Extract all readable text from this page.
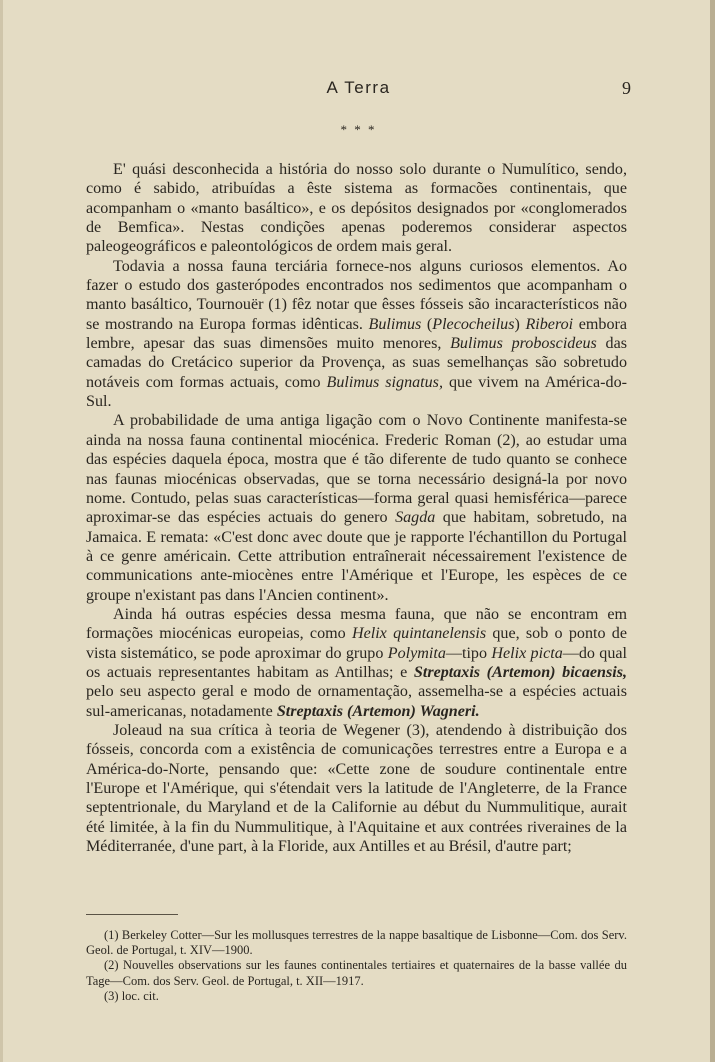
A Terra	9
* * *

E' quási desconhecida a história do nosso solo durante o Numulítico, sendo, como é sabido, atribuídas a êste sistema as formacões continentais, que acompanham o «manto basáltico», e os depósitos designados por «conglomerados de Bemfica». Nestas condições apenas poderemos considerar aspectos paleogeográficos e paleontológicos de ordem mais geral.

Todavia a nossa fauna terciária fornece-nos alguns curiosos elementos. Ao fazer o estudo dos gasterópodes encontrados nos sedimentos que acompanham o manto basáltico, Tournouër (1) fêz notar que êsses fósseis são incaracterísticos não se mostrando na Europa formas idênticas. Bulimus (Plecocheilus) Riberoi embora lembre, apesar das suas dimensões muito menores, Bulimus proboscideus das camadas do Cretácico superior da Provença, as suas semelhanças são sobretudo notáveis com formas actuais, como Bulimus signatus, que vivem na América-do-Sul.

A probabilidade de uma antiga ligação com o Novo Continente manifesta-se ainda na nossa fauna continental miocénica. Frederic Roman (2), ao estudar uma das espécies daquela época, mostra que é tão diferente de tudo quanto se conhece nas faunas miocénicas observadas, que se torna necessário designá-la por novo nome. Contudo, pelas suas características—forma geral quasi hemisférica—parece aproximar-se das espécies actuais do genero Sagda que habitam, sobretudo, na Jamaica. E remata: «C'est donc avec doute que je rapporte l'échantillon du Portugal à ce genre américain. Cette attribution entraînerait nécessairement l'existence de communications ante-miocènes entre l'Amérique et l'Europe, les espèces de ce groupe n'existant pas dans l'Ancien continent».

Ainda há outras espécies dessa mesma fauna, que não se encontram em formações miocénicas europeias, como Helix quintanelensis que, sob o ponto de vista sistemático, se pode aproximar do grupo Polymita—tipo Helix picta—do qual os actuais representantes habitam as Antilhas; e Streptaxis (Artemon) bicaensis, pelo seu aspecto geral e modo de ornamentação, assemelha-se a espécies actuais sul-americanas, notadamente Streptaxis (Artemon) Wagneri.

Joleaud na sua crítica à teoria de Wegener (3), atendendo à distribuição dos fósseis, concorda com a existência de comunicações terrestres entre a Europa e a América-do-Norte, pensando que: «Cette zone de soudure continentale entre l'Europe et l'Amérique, qui s'étendait vers la latitude de l'Angleterre, de la France septentrionale, du Maryland et de la Californie au début du Nummulitique, aurait été limitée, à la fin du Nummulitique, à l'Aquitaine et aux contrées riveraines de la Méditerranée, d'une part, à la Floride, aux Antilles et au Brésil, d'autre part;

(1) Berkeley Cotter—Sur les mollusques terrestres de la nappe basaltique de Lisbonne—Com. dos Serv. Geol. de Portugal, t. XIV—1900.

(2) Nouvelles observations sur les faunes continentales tertiaires et quaternaires de la basse vallée du Tage—Com. dos Serv. Geol. de Portugal, t. XII—1917.

(3) loc. cit.
